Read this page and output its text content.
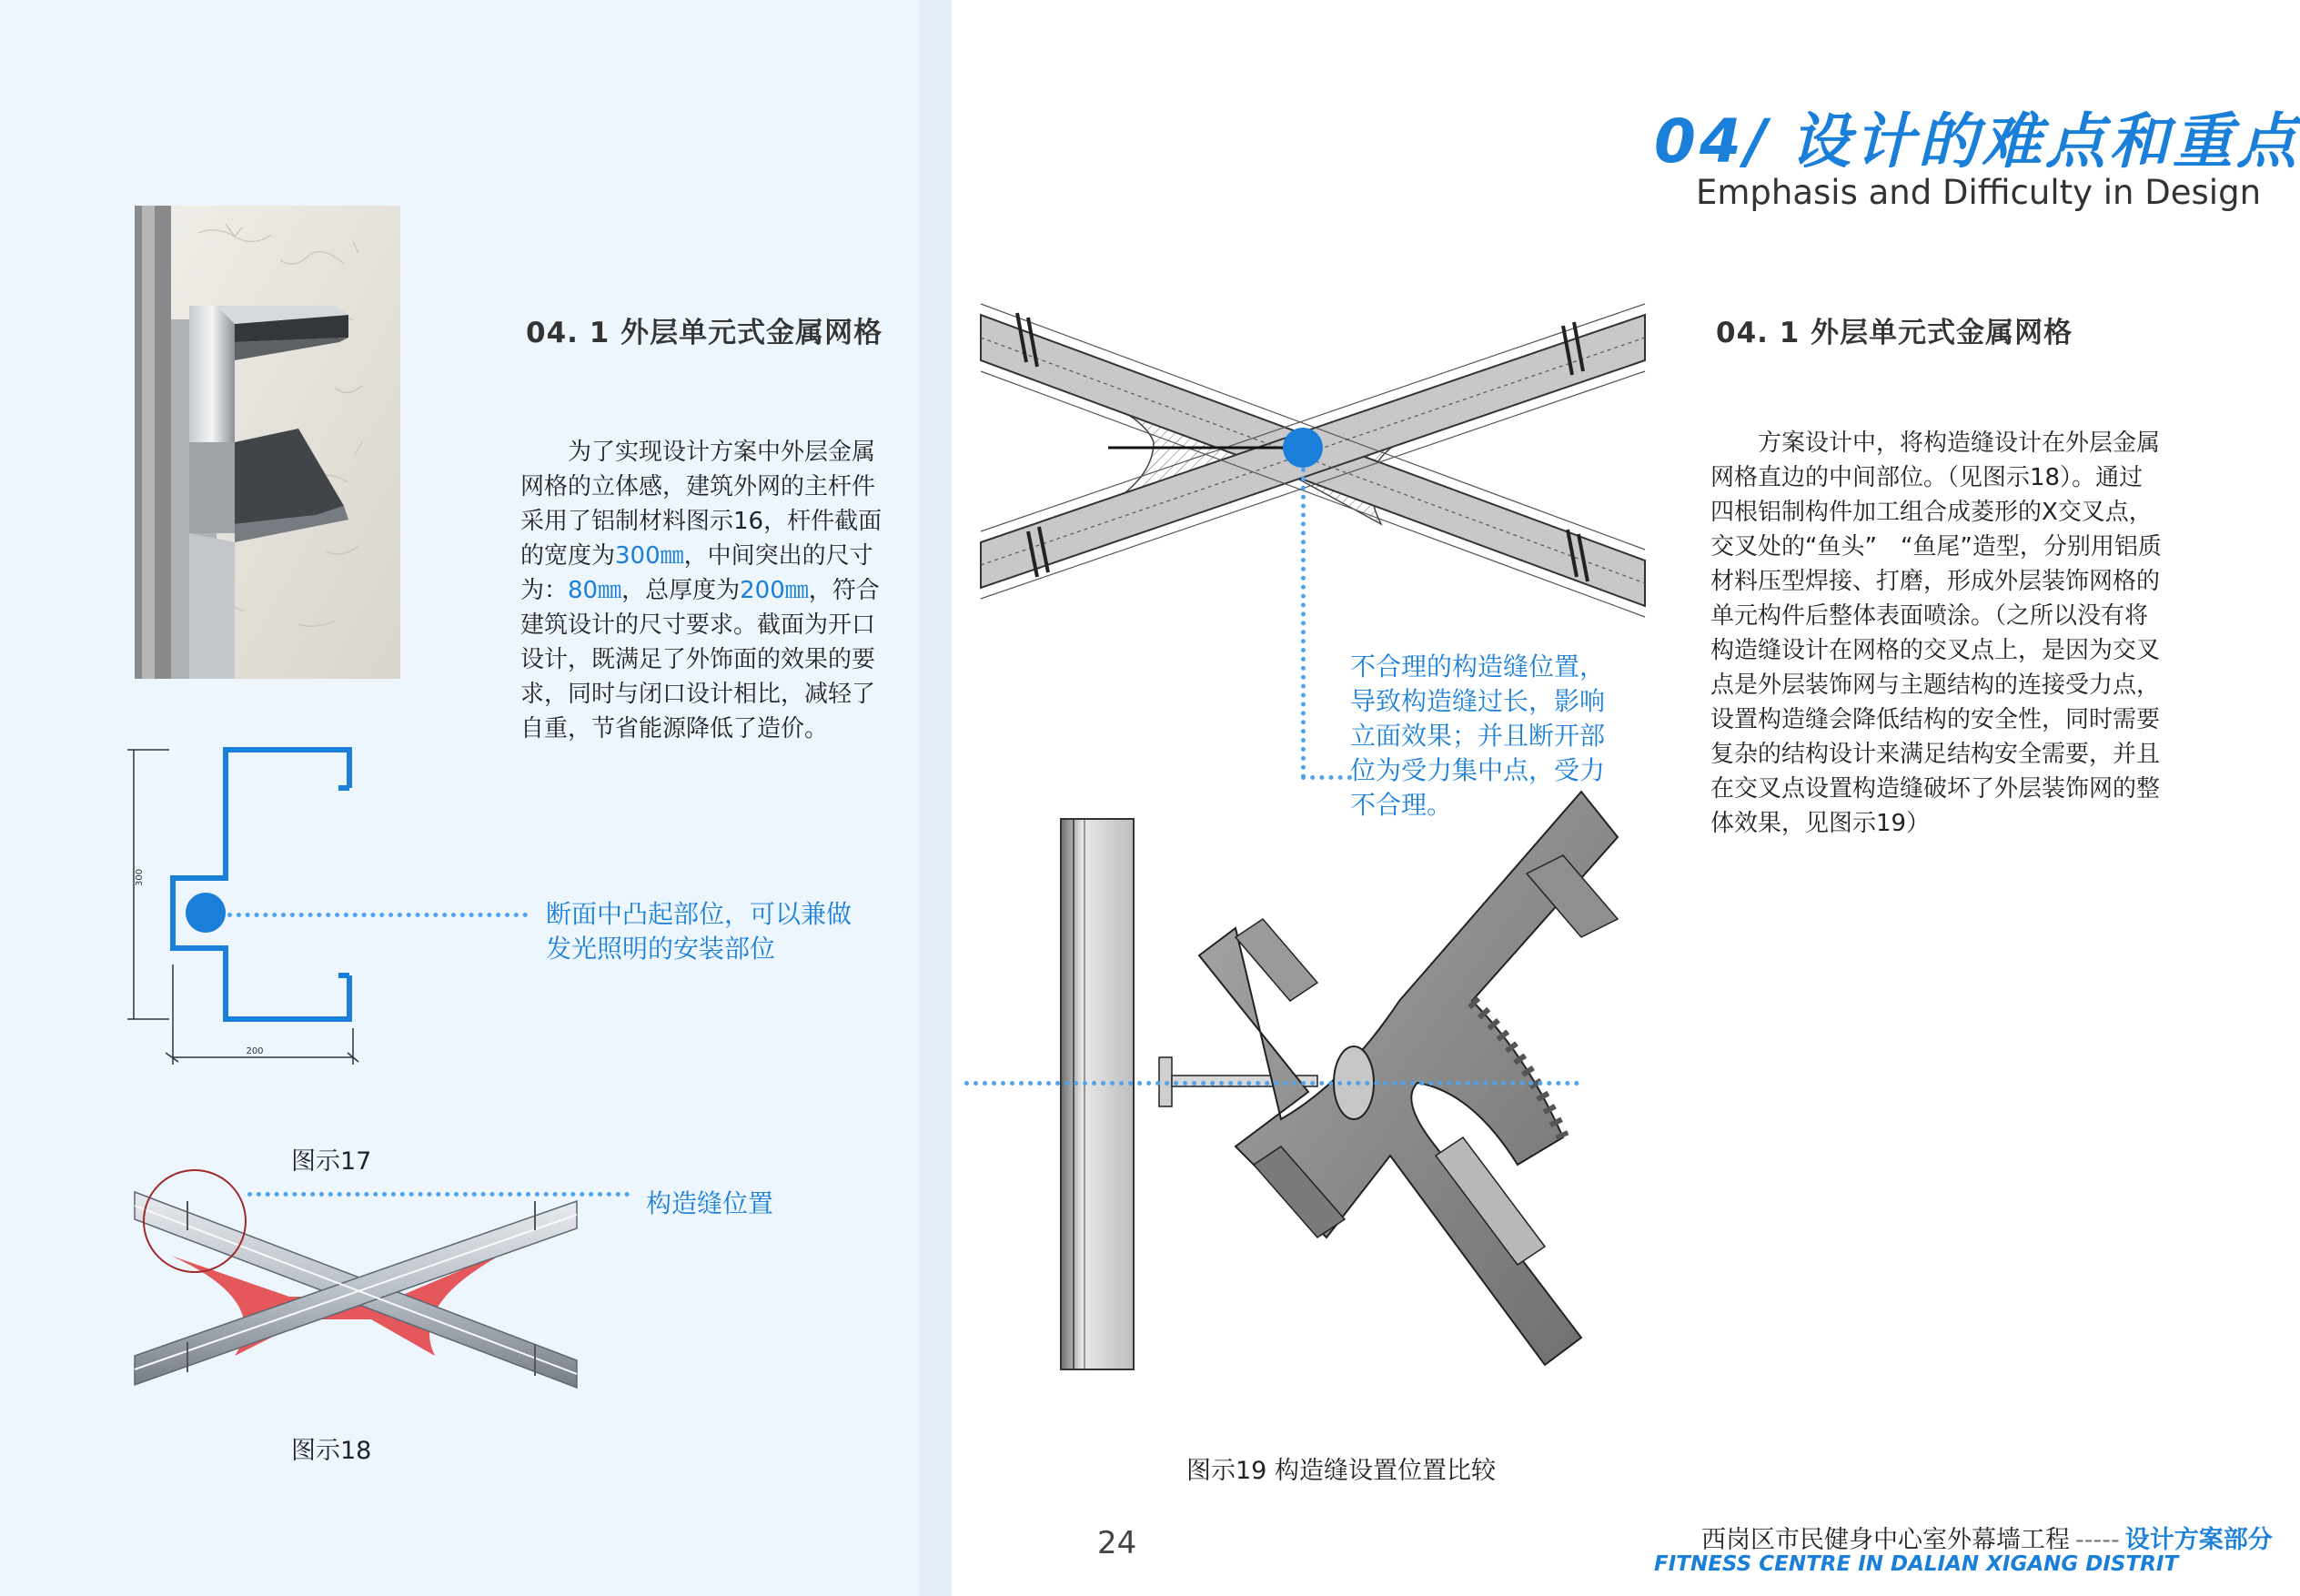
04. 1 外层单元式金属网格

为了实现设计方案中外层金属网格的立体感，建筑外网的主杆件采用了铝制材料图示16，杆件截面的宽度为300㎜，中间突出的尺寸为：80㎜，总厚度为200㎜，符合建筑设计的尺寸要求。截面为开口设计，既满足了外饰面的效果的要求，同时与闭口设计相比，减轻了自重，节省能源降低了造价。

300
200
断面中凸起部位，可以兼做发光照明的安装部位
图示17
构造缝位置
图示18
24
04/ 设计的难点和重点
Emphasis and Difficulty in Design
不合理的构造缝位置，导致构造缝过长，影响立面效果；并且断开部位为受力集中点，受力不合理。
04. 1 外层单元式金属网格

方案设计中，将构造缝设计在外层金属网格直边的中间部位。（见图示18）。通过四根铝制构件加工组合成菱形的X交叉点，交叉处的“鱼头”　“鱼尾”造型，分别用铝质材料压型焊接、打磨，形成外层装饰网格的单元构件后整体表面喷涂。（之所以没有将构造缝设计在网格的交叉点上，是因为交叉点是外层装饰网与主题结构的连接受力点，设置构造缝会降低结构的安全性，同时需要复杂的结构设计来满足结构安全需要，并且在交叉点设置构造缝破坏了外层装饰网的整体效果，见图示19）

图示19 构造缝设置位置比较
西岗区市民健身中心室外幕墙工程 ----- 设计方案部分
FITNESS CENTRE IN DALIAN XIGANG DISTRIT
